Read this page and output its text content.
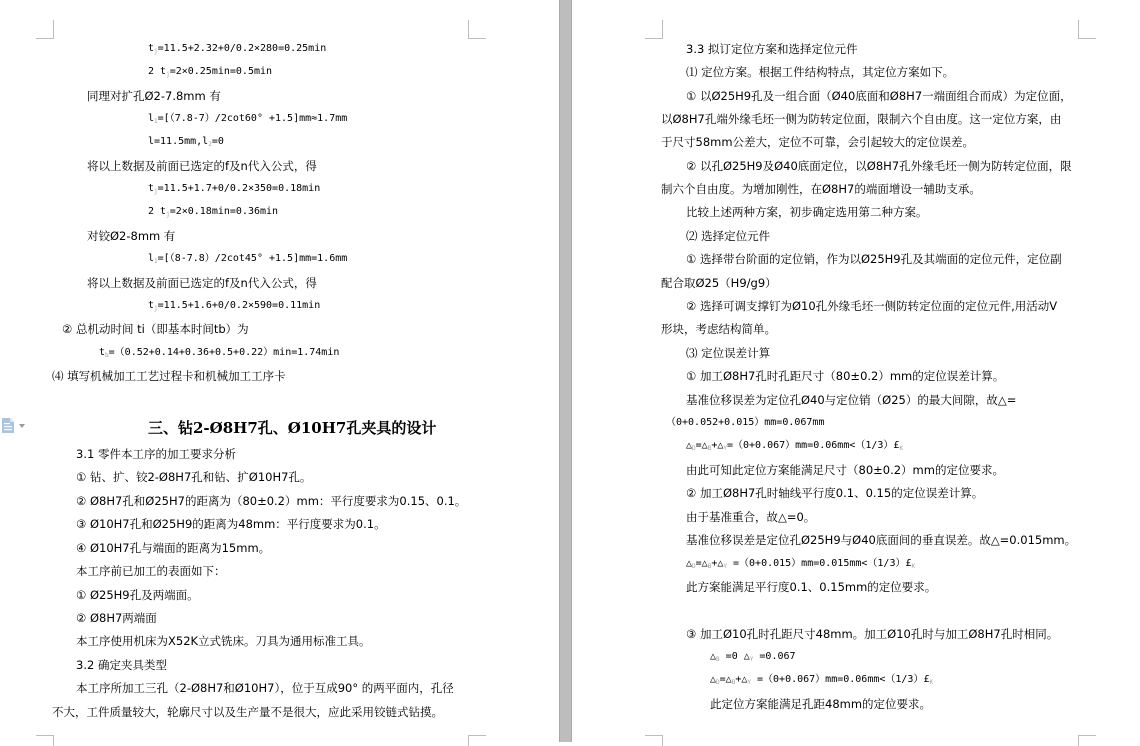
$t_j=11.5+2.32+0/0.2\times 280=0.25\min$
2 $t_j=2\times 0.25\min=0.5\min$
同理对扩孔Ø2-7.8mm 有
$l_1=[(7.8-7)/2\cot 60^\circ +1.5]mm\approx 1.7mm$
$l=11.5mm,l_2=0$
将以上数据及前面已选定的f及n代入公式，得
$t_j=11.5+1.7+0/0.2\times 350=0.18\min$
2 $t_j=2\times 0.18\min=0.36\min$
对铰Ø2-8mm 有
$l_1=[(8-7.8)/2\cot 45^\circ +1.5]mm=1.6mm$
将以上数据及前面已选定的f及n代入公式，得
$t_j=11.5+1.6+0/0.2\times 590=0.11\min$
② 总机动时间 ti（即基本时间tb）为
$t_b=(0.52+0.14+0.36+0.5+0.22)\min=1.74\min$
⑷ 填写机械加工工艺过程卡和机械加工工序卡
3.1 零件本工序的加工要求分析
① 钻、扩、铰2-Ø8H7孔和钻、扩Ø10H7孔。
② Ø8H7孔和Ø25H7的距离为（80±0.2）mm：平行度要求为0.15、0.1。
③ Ø10H7孔和Ø25H9的距离为48mm：平行度要求为0.1。
④ Ø10H7孔与端面的距离为15mm。
本工序前已加工的表面如下：
① Ø25H9孔及两端面。
② Ø8H7两端面
本工序使用机床为X52K立式铣床。刀具为通用标准工具。
3.2 确定夹具类型
本工序所加工三孔（2-Ø8H7和Ø10H7），位于互成90° 的两平面内，孔径
不大，工件质量较大，轮廓尺寸以及生产量不是很大，应此采用铰链式钻摸。
三、钻2-Ø8H7孔、Ø10H7孔夹具的设计
3.3 拟订定位方案和选择定位元件
⑴ 定位方案。根据工件结构特点，其定位方案如下。
① 以Ø25H9孔及一组合面（Ø40底面和Ø8H7一端面组合而成）为定位面，
以Ø8H7孔端外缘毛坯一侧为防转定位面，限制六个自由度。这一定位方案，由
于尺寸58mm公差大，定位不可靠，会引起较大的定位误差。
② 以孔Ø25H9及Ø40底面定位，以Ø8H7孔外缘毛坯一侧为防转定位面，限
制六个自由度。为增加刚性，在Ø8H7的端面增设一辅助支承。
比较上述两种方案，初步确定选用第二种方案。
⑵ 选择定位元件
① 选择带台阶面的定位销，作为以Ø25H9孔及其端面的定位元件，定位副
配合取Ø25（H9/g9）
② 选择可调支撑钉为Ø10孔外缘毛坯一侧防转定位面的定位元件,用活动V
形块，考虑结构简单。
⑶ 定位误差计算
① 加工Ø8H7孔时孔距尺寸（80±0.2）mm的定位误差计算。
基准位移误差为定位孔Ø40与定位销（Ø25）的最大间隙，故△=
（0+0.052+0.015）mm=0.067mm
$\triangle_D=\triangle_B+\triangle_Y=(0+0.067)mm=0.06mm<(1/3)£_K$
由此可知此定位方案能满足尺寸（80±0.2）mm的定位要求。
② 加工Ø8H7孔时轴线平行度0.1、0.15的定位误差计算。
由于基准重合，故△=0。
基准位移误差是定位孔Ø25H9与Ø40底面间的垂直误差。故△=0.015mm。
$\triangle_D=\triangle_B+\triangle_Y$ $=(0+0.015)mm=0.015mm<(1/3)£_K$
此方案能满足平行度0.1、0.15mm的定位要求。
③ 加工Ø10孔时孔距尺寸48mm。加工Ø10孔时与加工Ø8H7孔时相同。
$\triangle_B =0$ $\triangle_Y =0.067$
$\triangle_D=\triangle_B+\triangle_Y$ $=(0+0.067)mm=0.06mm<(1/3)£_K$
此定位方案能满足孔距48mm的定位要求。
